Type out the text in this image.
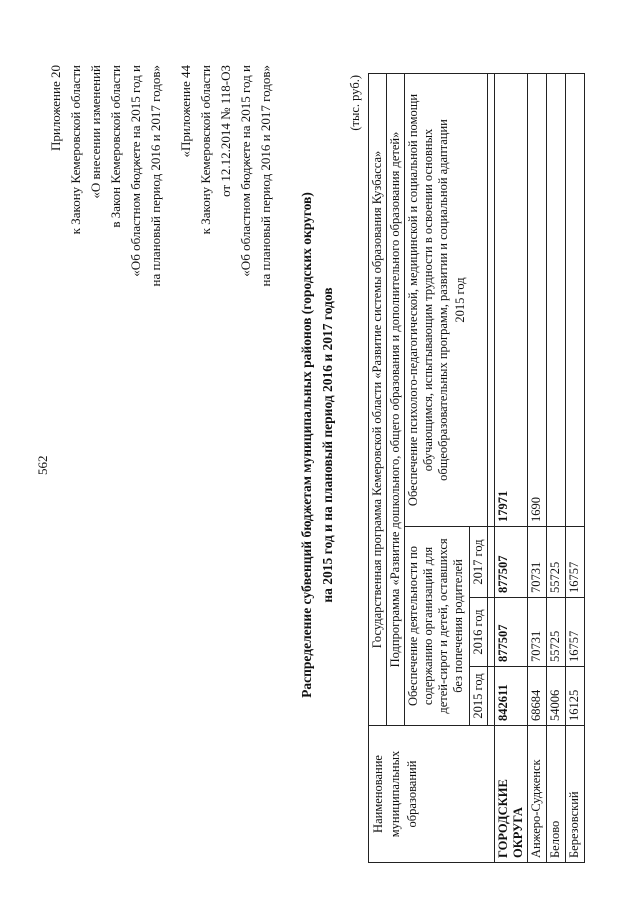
562
Приложение 20 к Закону Кемеровской области «О внесении изменений в Закон Кемеровской области «Об областном бюджете на 2015 год и на плановый период 2016 и 2017 годов» «Приложение 44 к Закону Кемеровской области от 12.12.2014 № 118-ОЗ «Об областном бюджете на 2015 год и на плановый период 2016 и 2017 годов»
Распределение субвенций бюджетам муниципальных районов (городских округов) на 2015 год и на плановый период 2016 и 2017 годов
(тыс. руб.)
Наименование муниципальных образований	Государственная программа Кемеровской области «Развитие системы образования Кузбасса»			
	Подпрограмма «Развитие дошкольного, общего образования и дополнительного образования детей»			
	Обеспечение деятельности по содержанию организаций для детей-сирот и детей, оставшихся без попечения родителей			Обеспечение психолого-педагогической, медицинской и социальной помощи обучающимся, испытывающим трудности в освоении основных общеобразовательных программ, развитии и социальной адаптации 2015 год

	2015 год	2016 год	2017 год	

ГОРОДСКИЕ ОКРУГА	842611	877507	877507	17971
Анжеро-Судженск	68684	70731	70731	1690
Белово	54006	55725	55725	
Березовский	16125	16757	16757	
